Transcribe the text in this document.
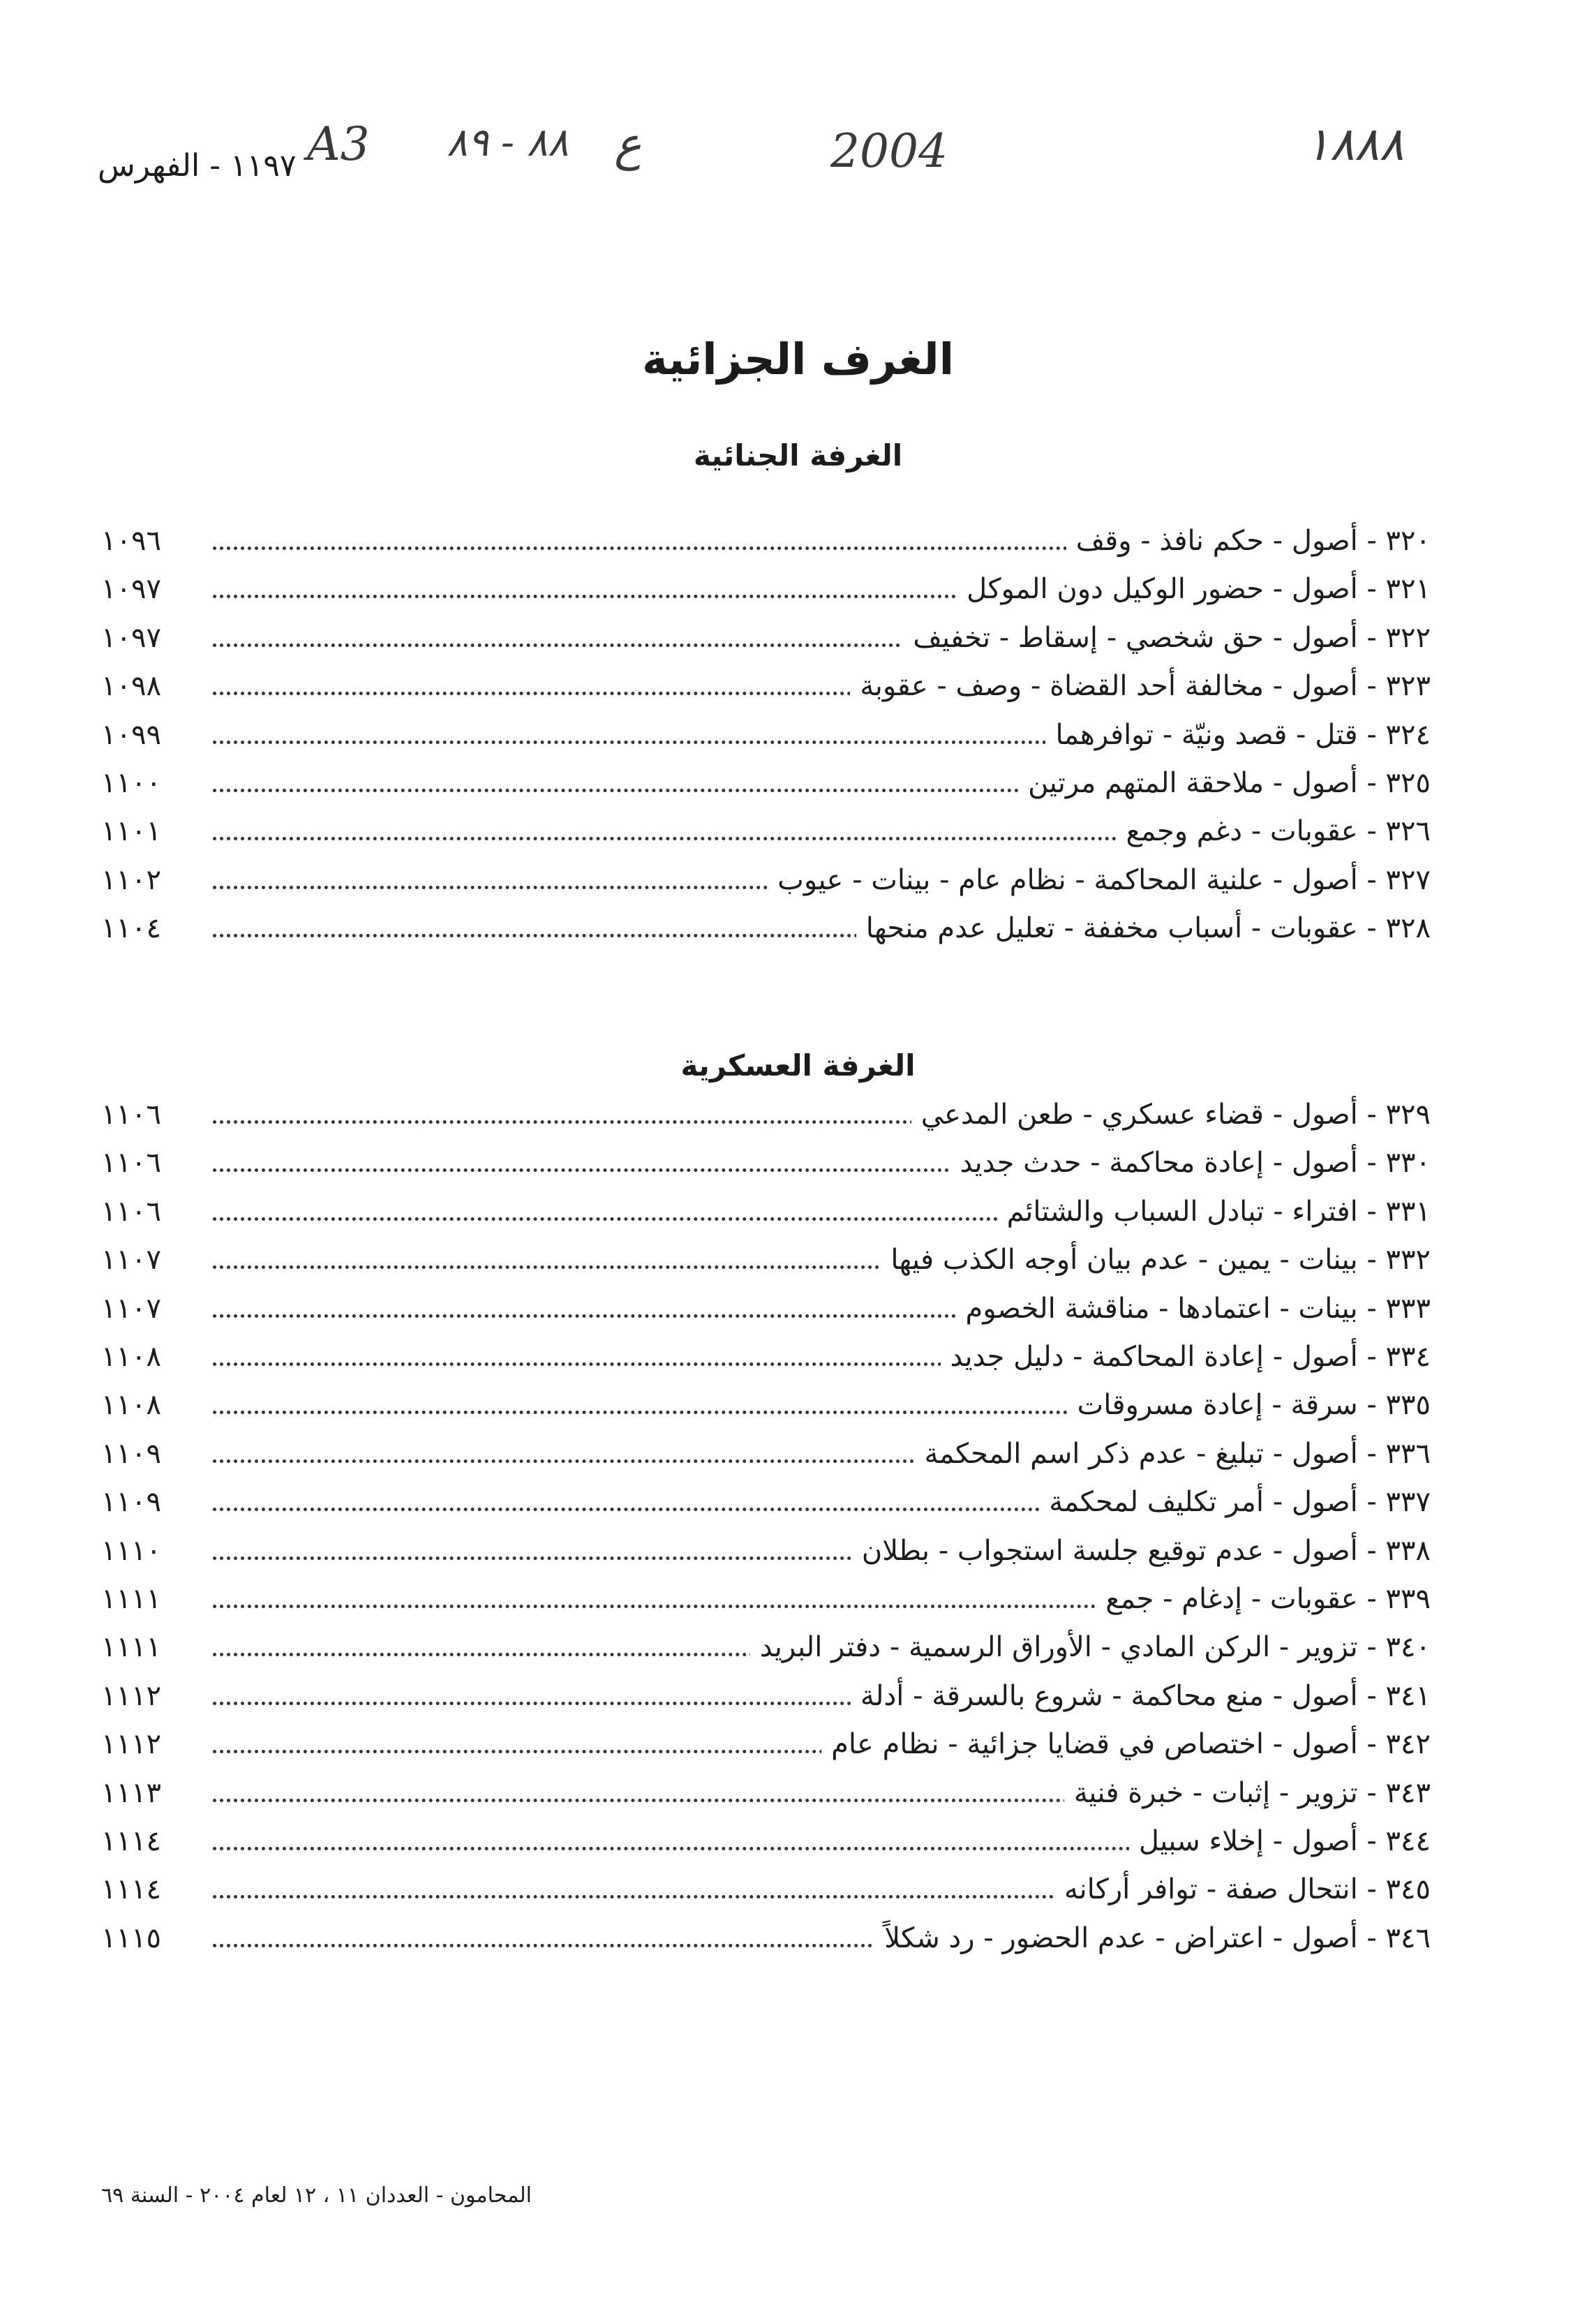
١١٩٧ - الفهرس A3 ٨٨ - ٨٩ ع	2004	١٨٨٨
الغرف الجزائية
الغرفة الجنائية
٣٢٠ - أصول - حكم نافذ - وقف
١٠٩٦
٣٢١ - أصول - حضور الوكيل دون الموكل
١٠٩٧
٣٢٢ - أصول - حق شخصي - إسقاط - تخفيف
١٠٩٧
٣٢٣ - أصول - مخالفة أحد القضاة - وصف - عقوبة
١٠٩٨
٣٢٤ - قتل - قصد ونيّة - توافرهما
١٠٩٩
٣٢٥ - أصول - ملاحقة المتهم مرتين
١١٠٠
٣٢٦ - عقوبات - دغم وجمع
١١٠١
٣٢٧ - أصول - علنية المحاكمة - نظام عام - بينات - عيوب
١١٠٢
٣٢٨ - عقوبات - أسباب مخففة - تعليل عدم منحها
١١٠٤
الغرفة العسكرية
٣٢٩ - أصول - قضاء عسكري - طعن المدعي
١١٠٦
٣٣٠ - أصول - إعادة محاكمة - حدث جديد
١١٠٦
٣٣١ - افتراء - تبادل السباب والشتائم
١١٠٦
٣٣٢ - بينات - يمين - عدم بيان أوجه الكذب فيها
١١٠٧
٣٣٣ - بينات - اعتمادها - مناقشة الخصوم
١١٠٧
٣٣٤ - أصول - إعادة المحاكمة - دليل جديد
١١٠٨
٣٣٥ - سرقة - إعادة مسروقات
١١٠٨
٣٣٦ - أصول - تبليغ - عدم ذكر اسم المحكمة
١١٠٩
٣٣٧ - أصول - أمر تكليف لمحكمة
١١٠٩
٣٣٨ - أصول - عدم توقيع جلسة استجواب - بطلان
١١١٠
٣٣٩ - عقوبات - إدغام - جمع
١١١١
٣٤٠ - تزوير - الركن المادي - الأوراق الرسمية - دفتر البريد
١١١١
٣٤١ - أصول - منع محاكمة - شروع بالسرقة - أدلة
١١١٢
٣٤٢ - أصول - اختصاص في قضايا جزائية - نظام عام
١١١٢
٣٤٣ - تزوير - إثبات - خبرة فنية
١١١٣
٣٤٤ - أصول - إخلاء سبيل
١١١٤
٣٤٥ - انتحال صفة - توافر أركانه
١١١٤
٣٤٦ - أصول - اعتراض - عدم الحضور - رد شكلاً
١١١٥
المحامون - العددان ١١ ، ١٢ لعام ٢٠٠٤ - السنة ٦٩
